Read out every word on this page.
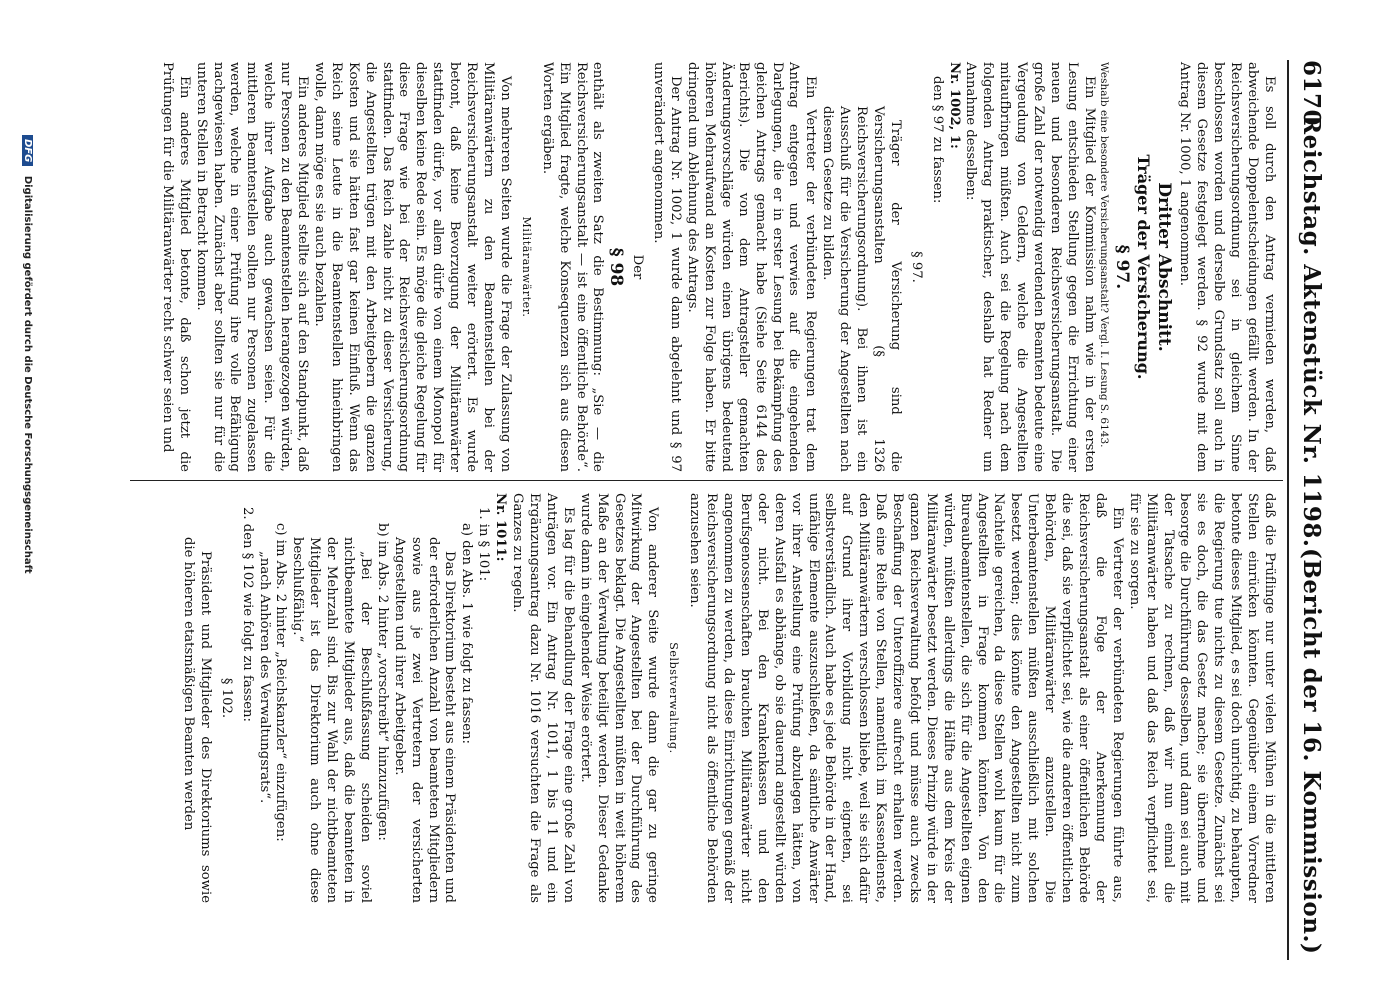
6170
Reichstag. Aktenstück Nr. 1198.
(Bericht der 16. Kommission.)

Es soll durch den Antrag vermieden werden, daß abweichende Doppelentscheidungen gefällt werden. In der Reichsversicherungsordnung sei in gleichem Sinne beschlossen worden und derselbe Grundsatz soll auch in diesem Gesetze festgelegt werden. § 92 wurde mit dem Antrag Nr. 1000, 1 angenommen.

Dritter Abschnitt.

Träger der Versicherung.

§ 97.

Weshalb eine besondere Versicherungsanstalt? Vergl. I. Lesung S. 6143.

Ein Mitglied der Kommission nahm wie in der ersten Lesung entschieden Stellung gegen die Errichtung einer neuen und besonderen Reichsversicherungsanstalt. Die große Zahl der notwendig werdenden Beamten bedeute eine Vergeudung von Geldern, welche die Angestellten mitaufbringen müßten. Auch sei die Regelung nach dem folgenden Antrag praktischer, deshalb hat Redner um Annahme desselben:

Nr. 1002, 1:

den § 97 zu fassen:

§ 97.

Träger der Versicherung sind die Versicherungsanstalten (§ 1326 Reichsversicherungsordnung). Bei ihnen ist ein Ausschuß für die Versicherung der Angestellten nach diesem Gesetze zu bilden.

Ein Vertreter der verbündeten Regierungen trat dem Antrag entgegen und verwies auf die eingehenden Darlegungen, die er in erster Lesung bei Bekämpfung des gleichen Antrags gemacht habe (Siehe Seite 6144 des Berichts). Die von dem Antragsteller gemachten Änderungsvorschläge würden einen übrigens bedeutend höheren Mehraufwand an Kosten zur Folge haben. Er bitte dringend um Ablehnung des Antrags.

Der Antrag Nr. 1002, 1 wurde dann abgelehnt und § 97 unverändert angenommen.

Der

§ 98

enthält als zweiten Satz die Bestimmung: „Sie — die Reichsversicherungsanstalt — ist eine öffentliche Behörde“. Ein Mitglied fragte, welche Konsequenzen sich aus diesen Worten ergäben.

Militäranwärter.

Von mehreren Seiten wurde die Frage der Zulassung von Militäranwärtern zu den Beamtenstellen bei der Reichsversicherungsanstalt weiter erörtert. Es wurde betont, daß keine Bevorzugung der Militäranwärter stattfinden dürfe, vor allem dürfe von einem Monopol für dieselben keine Rede sein. Es möge die gleiche Regelung für diese Frage wie bei der Reichsversicherungsordnung stattfinden. Das Reich zahle nicht zu dieser Versicherung, die Angestellten trügen mit den Arbeitgebern die ganzen Kosten und sie hätten fast gar keinen Einfluß. Wenn das Reich seine Leute in die Beamtenstellen hineinbringen wolle, dann möge es sie auch bezahlen.

Ein anderes Mitglied stellte sich auf den Standpunkt, daß nur Personen zu den Beamtenstellen herangezogen würden, welche ihrer Aufgabe auch gewachsen seien. Für die mittleren Beamtenstellen sollten nur Personen zugelassen werden, welche in einer Prüfung ihre volle Befähigung nachgewiesen haben. Zunächst aber sollten sie nur für die unteren Stellen in Betracht kommen.

Ein anderes Mitglied betonte, daß schon jetzt die Prüfungen für die Militäranwärter recht schwer seien und

daß die Prüflinge nur unter vielen Mühen in die mittleren Stellen einrücken könnten. Gegenüber einem Vorredner betonte dieses Mitglied, es sei doch unrichtig, zu behaupten, die Regierung tue nichts zu diesem Gesetze. Zunächst sei sie es doch, die das Gesetz mache; sie übernehme und besorge die Durchführung desselben, und dann sei auch mit der Tatsache zu rechnen, daß wir nun einmal die Militäranwärter haben und daß das Reich verpflichtet sei, für sie zu sorgen.

Ein Vertreter der verbündeten Regierungen führte aus, daß die Folge der Anerkennung der Reichsversicherungsanstalt als einer öffentlichen Behörde die sei, daß sie verpflichtet sei, wie die anderen öffentlichen Behörden, Militäranwärter anzustellen. Die Unterbeamtenstellen müßten ausschließlich mit solchen besetzt werden; dies könnte den Angestellten nicht zum Nachteile gereichen, da diese Stellen wohl kaum für die Angestellten in Frage kommen könnten. Von den Bureaubeamtenstellen, die sich für die Angestellten eignen würden, müßten allerdings die Hälfte aus dem Kreis der Militäranwärter besetzt werden. Dieses Prinzip würde in der ganzen Reichsverwaltung befolgt und müsse auch zwecks Beschaffung der Unteroffiziere aufrecht erhalten werden. Daß eine Reihe von Stellen, namentlich im Kassendienste, den Militäranwärtern verschlossen bliebe, weil sie sich dafür auf Grund ihrer Vorbildung nicht eigneten, sei selbstverständlich. Auch habe es jede Behörde in der Hand, unfähige Elemente auszuschließen, da sämtliche Anwärter vor ihrer Anstellung eine Prüfung abzulegen hätten, von deren Ausfall es abhänge, ob sie dauernd angestellt würden oder nicht. Bei den Krankenkassen und den Berufsgenossenschaften brauchten Militäranwärter nicht angenommen zu werden, da diese Einrichtungen gemäß der Reichsversicherungsordnung nicht als öffentliche Behörden anzusehen seien.

Selbstverwaltung.

Von anderer Seite wurde dann die gar zu geringe Mitwirkung der Angestellten bei der Durchführung des Gesetzes beklagt. Die Angestellten müßten in weit höherem Maße an der Verwaltung beteiligt werden. Dieser Gedanke wurde dann in eingehender Weise erörtert.

Es lag für die Behandlung der Frage eine große Zahl von Anträgen vor. Ein Antrag Nr. 1011, 1 bis 11 und ein Ergänzungsantrag dazu Nr. 1016 versuchten die Frage als Ganzes zu regeln.

Nr. 1011:

1. in § 101:

a) den Abs. 1 wie folgt zu fassen:

Das Direktorium besteht aus einem Präsidenten und der erforderlichen Anzahl von beamteten Mitgliedern sowie aus je zwei Vertretern der versicherten Angestellten und ihrer Arbeitgeber.

b) im Abs. 2 hinter „vorschreibt“ hinzuzufügen:

„Bei der Beschlußfassung scheiden soviel nichtbeamtete Mitglieder aus, daß die beamteten in der Mehrzahl sind. Bis zur Wahl der nichtbeamteten Mitglieder ist das Direktorium auch ohne diese beschlußfähig.“

c) im Abs. 2 hinter „Reichskanzler“ einzufügen:

„nach Anhören des Verwaltungsrats“.

2. den § 102 wie folgt zu fassen:

§ 102.

Präsident und Mitglieder des Direktoriums sowie die höheren etatsmäßigen Beamten werden

DFG Digitalisierung gefördert durch die Deutsche Forschungsgemeinschaft
